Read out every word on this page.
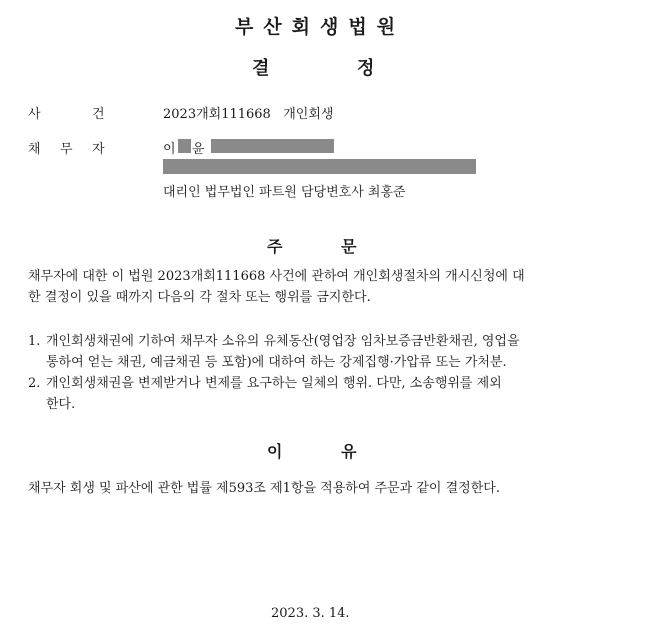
부산회생법원
결	정
사	건	2023개회111668   개인회생
채 무 자	이 윤
대리인 법무법인 파트원 담당변호사 최홍준
주	문
채무자에 대한 이 법원 2023개회111668 사건에 관하여 개인회생절차의 개시신청에 대
한 결정이 있을 때까지 다음의 각 절차 또는 행위를 금지한다.
1. 개인회생채권에 기하여 채무자 소유의 유체동산(영업장 임차보증금반환채권, 영업을
통하여 얻는 채권, 예금채권 등 포함)에 대하여 하는 강제집행·가압류 또는 가처분.
2. 개인회생채권을 변제받거나 변제를 요구하는 일체의 행위. 다만, 소송행위를 제외
한다.
이	유
채무자 회생 및 파산에 관한 법률 제593조 제1항을 적용하여 주문과 같이 결정한다.
2023. 3. 14.
